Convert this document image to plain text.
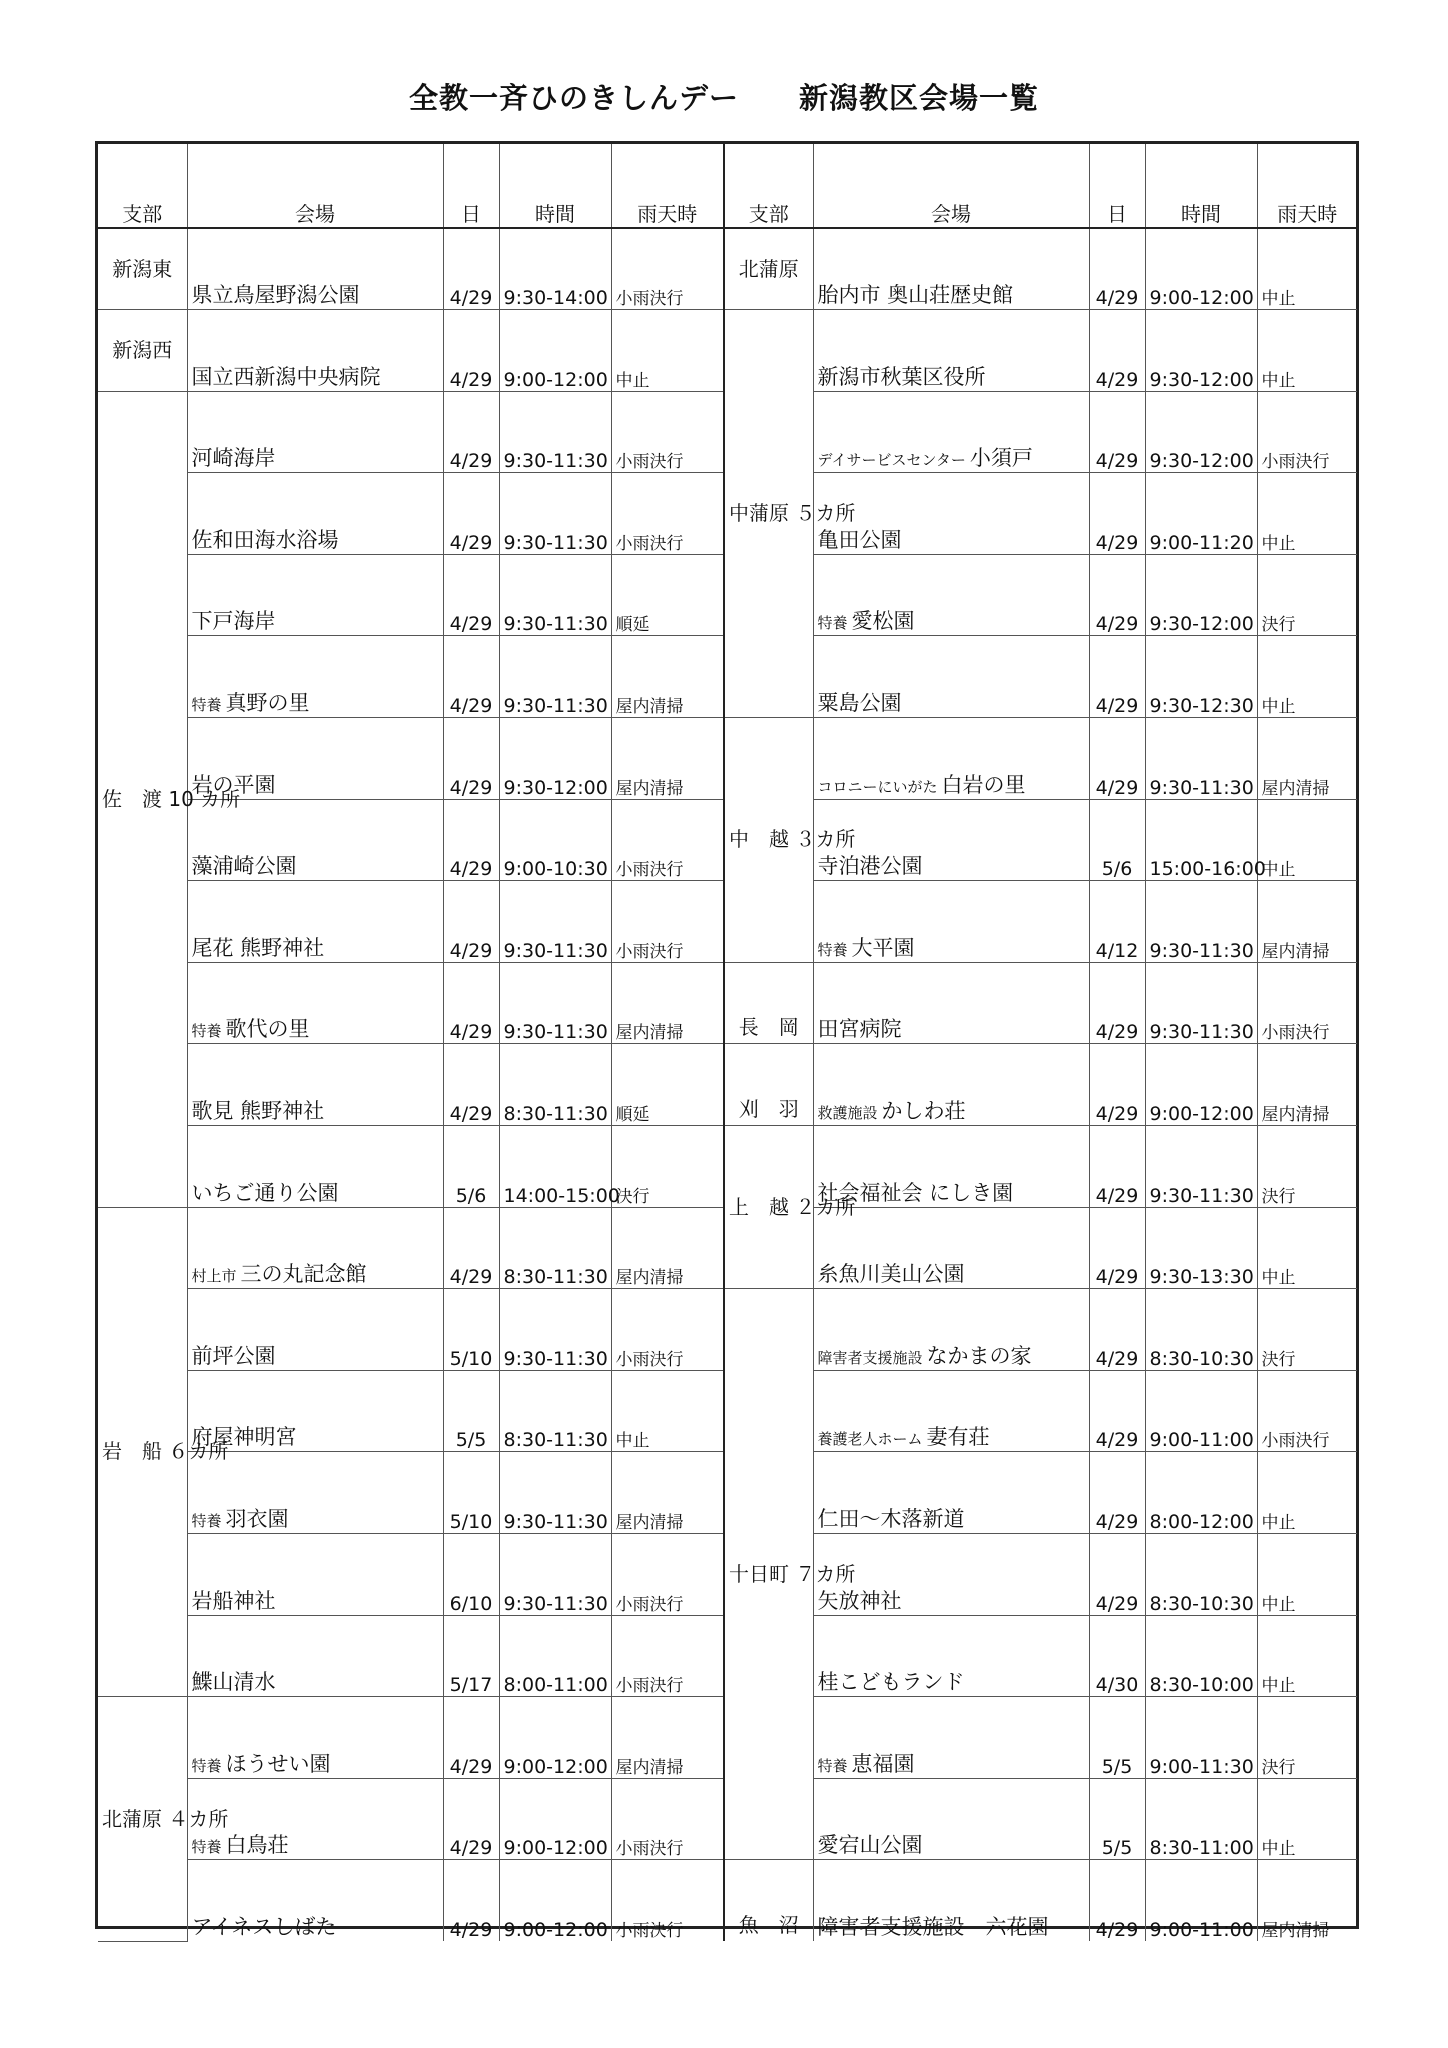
全教一斉ひのきしんデー　　新潟教区会場一覧
支部	会場	日	時間	雨天時
新潟東	県立鳥屋野潟公園	4/29	9:30-14:00	小雨決行
新潟西	国立西新潟中央病院	4/29	9:00-12:00	中止
佐　渡 10 カ所	河崎海岸	4/29	9:30-11:30	小雨決行
	佐和田海水浴場	4/29	9:30-11:30	小雨決行
	下戸海岸	4/29	9:30-11:30	順延
	特養 真野の里	4/29	9:30-11:30	屋内清掃
	岩の平園	4/29	9:30-12:00	屋内清掃
	藻浦崎公園	4/29	9:00-10:30	小雨決行
	尾花 熊野神社	4/29	9:30-11:30	小雨決行
	特養 歌代の里	4/29	9:30-11:30	屋内清掃
	歌見 熊野神社	4/29	8:30-11:30	順延
	いちご通り公園	5/6	14:00-15:00	決行
岩　船 ６カ所	村上市 三の丸記念館	4/29	8:30-11:30	屋内清掃
	前坪公園	5/10	9:30-11:30	小雨決行
	府屋神明宮	5/5	8:30-11:30	中止
	特養 羽衣園	5/10	9:30-11:30	屋内清掃
	岩船神社	6/10	9:30-11:30	小雨決行
	鰈山清水	5/17	8:00-11:00	小雨決行
北蒲原 ４カ所	特養 ほうせい園	4/29	9:00-12:00	屋内清掃
	特養 白鳥荘	4/29	9:00-12:00	小雨決行
	アイネスしばた	4/29	9:00-12:00	小雨決行
支部	会場	日	時間	雨天時
北蒲原	胎内市 奥山荘歴史館	4/29	9:00-12:00	中止
中蒲原 ５カ所	新潟市秋葉区役所	4/29	9:30-12:00	中止
	デイサービスセンター 小須戸	4/29	9:30-12:00	小雨決行
	亀田公園	4/29	9:00-11:20	中止
	特養 愛松園	4/29	9:30-12:00	決行
	粟島公園	4/29	9:30-12:30	中止
中　越 ３カ所	コロニーにいがた 白岩の里	4/29	9:30-11:30	屋内清掃
	寺泊港公園	5/6	15:00-16:00	中止
	特養 大平園	4/12	9:30-11:30	屋内清掃
長　岡	田宮病院	4/29	9:30-11:30	小雨決行
刈　羽	救護施設 かしわ荘	4/29	9:00-12:00	屋内清掃
上　越 ２カ所	社会福祉会 にしき園	4/29	9:30-11:30	決行
	糸魚川美山公園	4/29	9:30-13:30	中止
十日町 ７カ所	障害者支援施設 なかまの家	4/29	8:30-10:30	決行
	養護老人ホーム 妻有荘	4/29	9:00-11:00	小雨決行
	仁田〜木落新道	4/29	8:00-12:00	中止
	矢放神社	4/29	8:30-10:30	中止
	桂こどもランド	4/30	8:30-10:00	中止
	特養 恵福園	5/5	9:00-11:30	決行
	愛宕山公園	5/5	8:30-11:00	中止
魚　沼	障害者支援施設　六花園	4/29	9:00-11:00	屋内清掃
